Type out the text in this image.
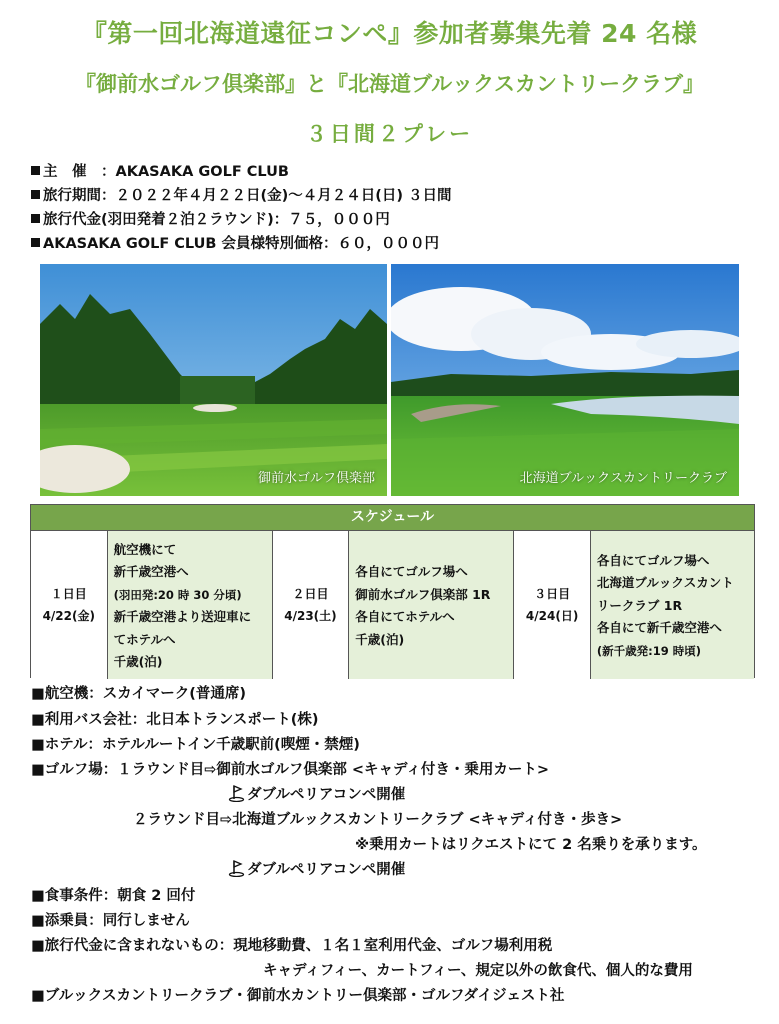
『第一回北海道遠征コンペ』参加者募集先着 24 名様
『御前水ゴルフ倶楽部』と『北海道ブルックスカントリークラブ』
３日間２プレー
主　催　：AKASAKA GOLF CLUB
旅行期間：２０２２年４月２２日(金)～４月２４日(日) ３日間
旅行代金(羽田発着２泊２ラウンド)：７５，０００円
AKASAKA GOLF CLUB 会員様特別価格：６０，０００円
御前水ゴルフ倶楽部	北海道ブルックスカントリークラブ
スケジュール
１日目
4/22(金)
航空機にて
新千歳空港へ
(羽田発:20 時 30 分頃)
新千歳空港より送迎車に
てホテルへ
千歳(泊)
２日目
4/23(土)
各自にてゴルフ場へ
御前水ゴルフ倶楽部 1R
各自にてホテルへ
千歳(泊)
３日目
4/24(日)
各自にてゴルフ場へ
北海道ブルックスカント
リークラブ 1R
各自にて新千歳空港へ
(新千歳発:19 時頃)
■航空機：スカイマーク(普通席)
■利用バス会社：北日本トランスポート(株)
■ホテル：ホテルルートイン千歳駅前(喫煙・禁煙)
■ゴルフ場：１ラウンド目⇨御前水ゴルフ倶楽部 <キャディ付き・乗用カート>
ダブルペリアコンペ開催
２ラウンド目⇨北海道ブルックスカントリークラブ <キャディ付き・歩き>
※乗用カートはリクエストにて 2 名乗りを承ります。
ダブルペリアコンペ開催
■食事条件：朝食 2 回付
■添乗員：同行しません
■旅行代金に含まれないもの：現地移動費、１名１室利用代金、ゴルフ場利用税
キャディフィー、カートフィー、規定以外の飲食代、個人的な費用
■ブルックスカントリークラブ・御前水カントリー倶楽部・ゴルフダイジェスト社
